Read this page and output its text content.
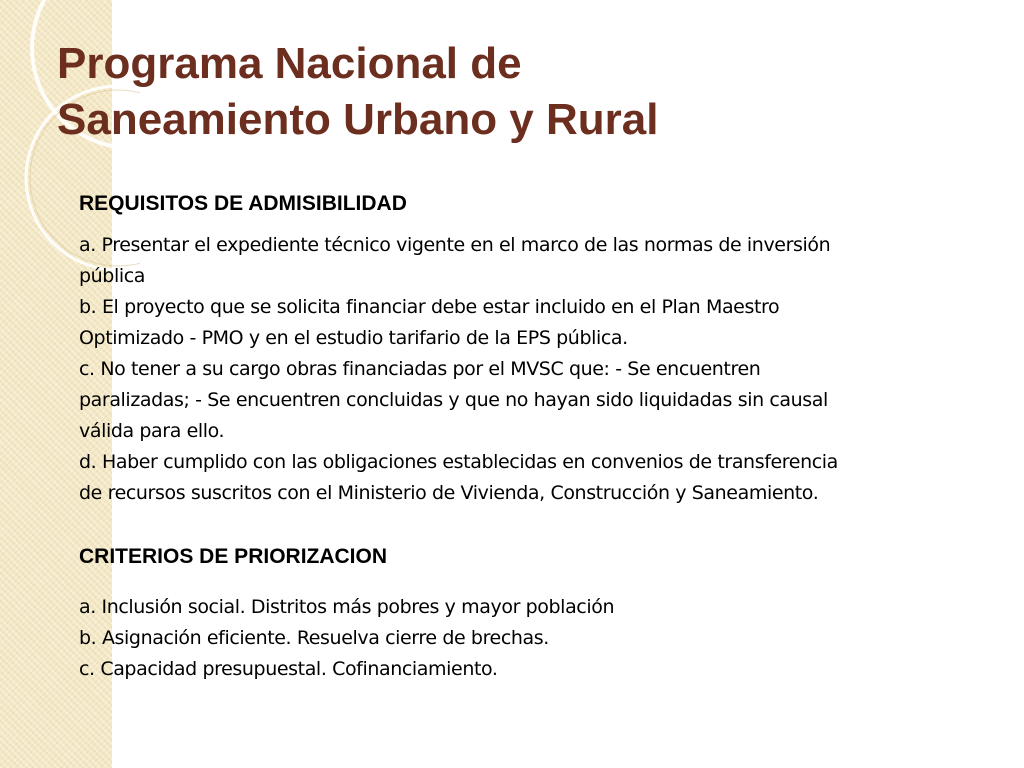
Programa Nacional de
Saneamiento Urbano y Rural
REQUISITOS DE ADMISIBILIDAD
a. Presentar el expediente técnico vigente en el marco de las normas de inversión
pública
b. El proyecto que se solicita financiar debe estar incluido en el Plan Maestro
Optimizado - PMO y en el estudio tarifario de la EPS pública.
c. No tener a su cargo obras financiadas por el MVSC que: - Se encuentren
paralizadas; - Se encuentren concluidas y que no hayan sido liquidadas sin causal
válida para ello.
d. Haber cumplido con las obligaciones establecidas en convenios de transferencia
de recursos suscritos con el Ministerio de Vivienda, Construcción y Saneamiento.
CRITERIOS DE PRIORIZACION
a. Inclusión social. Distritos más pobres y mayor población
b. Asignación eficiente. Resuelva cierre de brechas.
c. Capacidad presupuestal. Cofinanciamiento.
